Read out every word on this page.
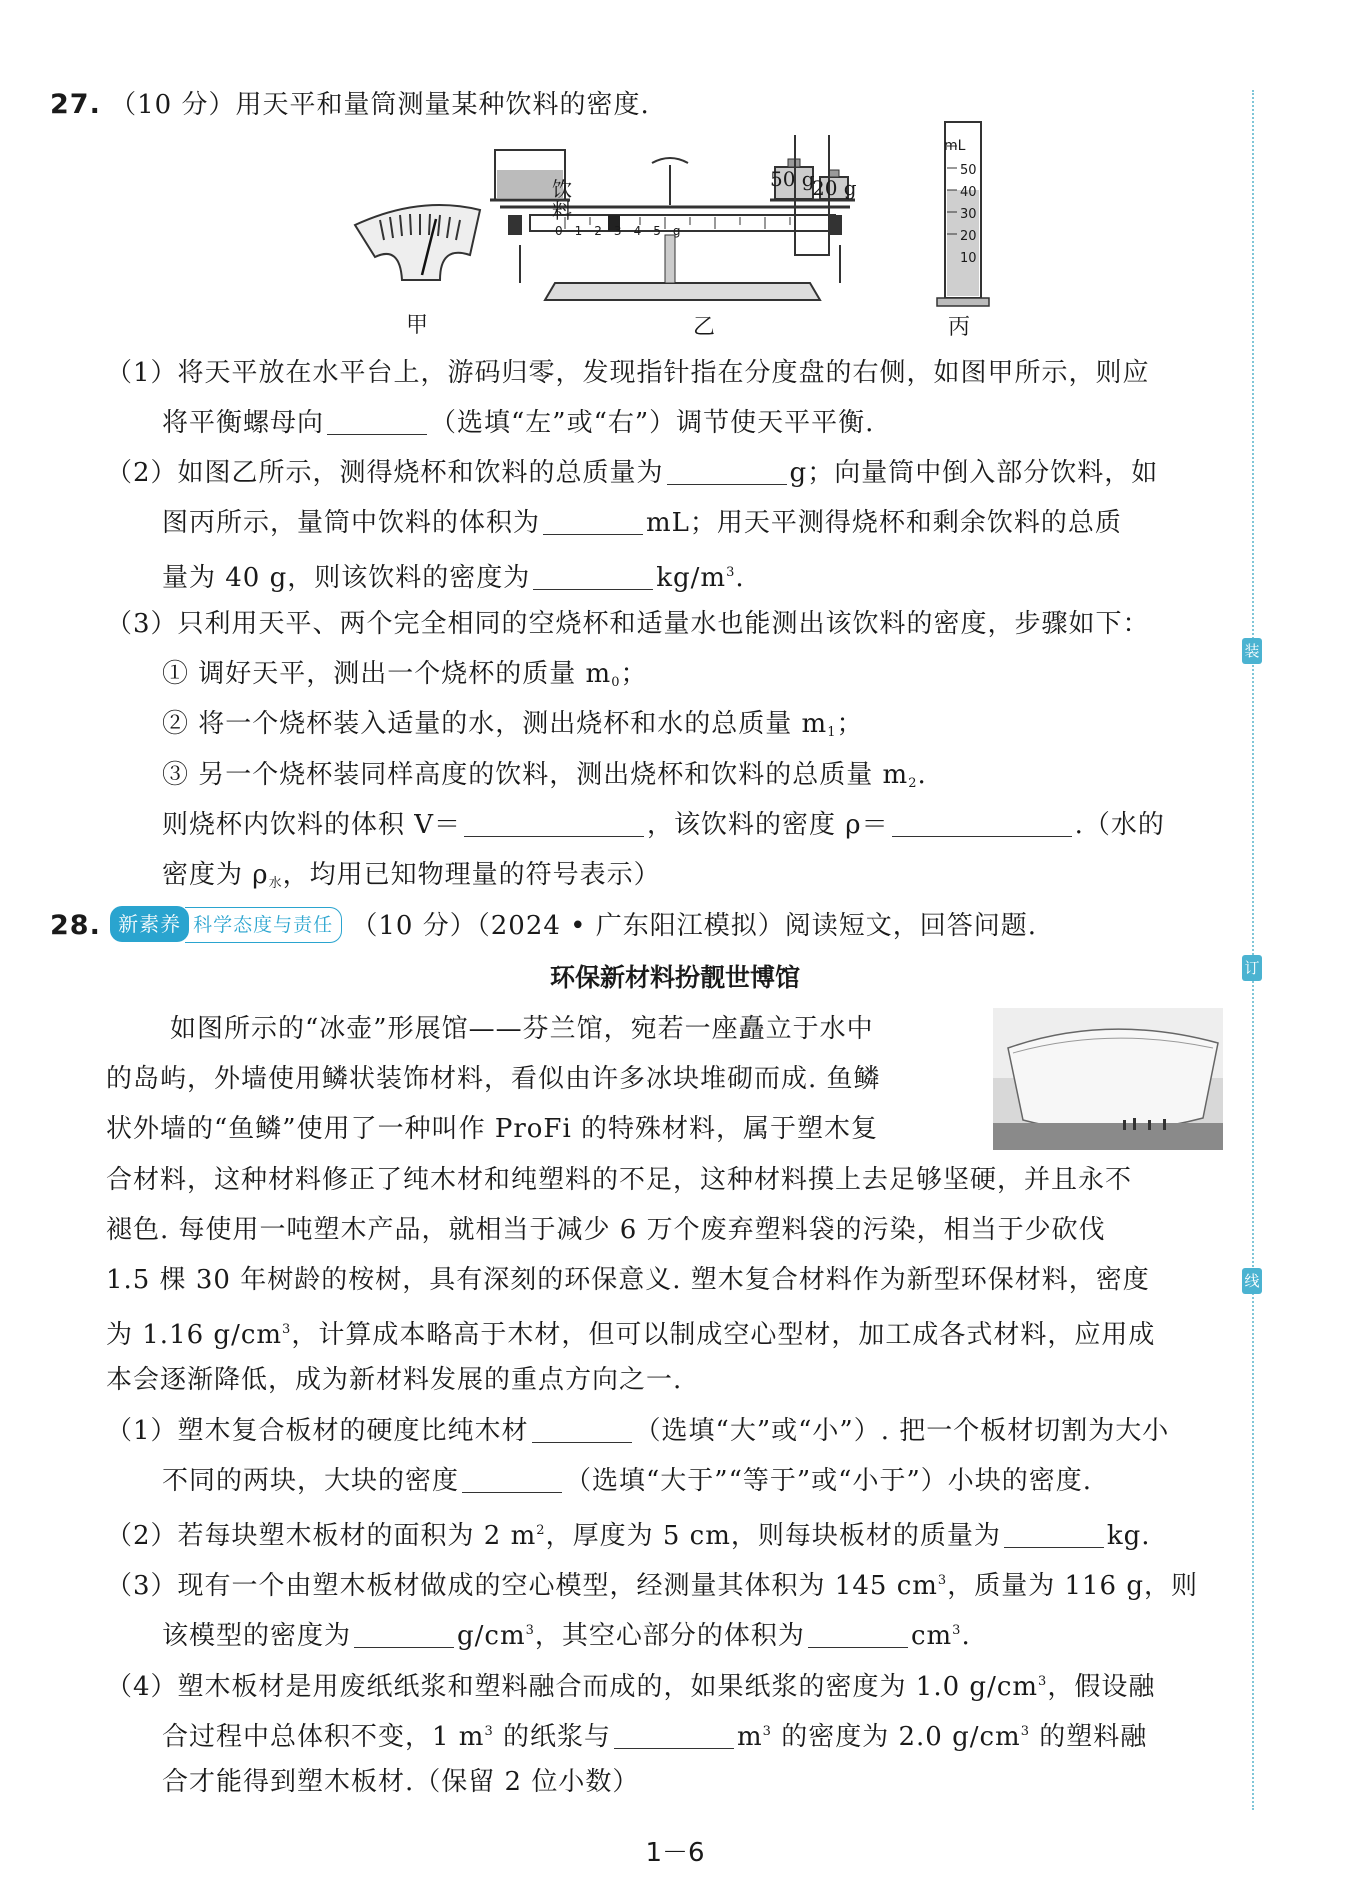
装
订
线
27. （10 分）用天平和量筒测量某种饮料的密度.
mL
50
40
30
20
10
饮料
50 g
20 g
012345g
甲	乙	丙
（1）将天平放在水平台上，游码归零，发现指针指在分度盘的右侧，如图甲所示，则应
将平衡螺母向	（选填“左”或“右”）调节使天平平衡.
（2）如图乙所示，测得烧杯和饮料的总质量为	g；向量筒中倒入部分饮料，如
图丙所示，量筒中饮料的体积为	mL；用天平测得烧杯和剩余饮料的总质
量为 40 g，则该饮料的密度为	$kg/m^3$.
（3）只利用天平、两个完全相同的空烧杯和适量水也能测出该饮料的密度，步骤如下：
① 调好天平，测出一个烧杯的质量 $m_0$；
② 将一个烧杯装入适量的水，测出烧杯和水的总质量 $m_1$；
③ 另一个烧杯装同样高度的饮料，测出烧杯和饮料的总质量 $m_2$.
则烧杯内饮料的体积 V＝	，该饮料的密度 ρ＝	.（水的
密度为 $\rho_水$，均用已知物理量的符号表示）
28. 新素养 科学态度与责任 （10 分）（2024 • 广东阳江模拟）阅读短文，回答问题.
环保新材料扮靓世博馆
如图所示的“冰壶”形展馆——芬兰馆，宛若一座矗立于水中
的岛屿，外墙使用鳞状装饰材料，看似由许多冰块堆砌而成. 鱼鳞
状外墙的“鱼鳞”使用了一种叫作 ProFi 的特殊材料，属于塑木复
合材料，这种材料修正了纯木材和纯塑料的不足，这种材料摸上去足够坚硬，并且永不
褪色. 每使用一吨塑木产品，就相当于减少 6 万个废弃塑料袋的污染，相当于少砍伐
1.5 棵 30 年树龄的桉树，具有深刻的环保意义. 塑木复合材料作为新型环保材料，密度
为 1.16 $g/cm^3$，计算成本略高于木材，但可以制成空心型材，加工成各式材料，应用成
本会逐渐降低，成为新材料发展的重点方向之一.
（1）塑木复合板材的硬度比纯木材	（选填“大”或“小”）. 把一个板材切割为大小
不同的两块，大块的密度	（选填“大于”“等于”或“小于”）小块的密度.
（2）若每块塑木板材的面积为 2 $m^2$，厚度为 5 cm，则每块板材的质量为	kg.
（3）现有一个由塑木板材做成的空心模型，经测量其体积为 145 $cm^3$，质量为 116 g，则
该模型的密度为	$g/cm^3$，其空心部分的体积为	$cm^3$.
（4）塑木板材是用废纸纸浆和塑料融合而成的，如果纸浆的密度为 1.0 $g/cm^3$，假设融
合过程中总体积不变，1 $m^3$ 的纸浆与	$m^3$ 的密度为 2.0 $g/cm^3$ 的塑料融
合才能得到塑木板材.（保留 2 位小数）
1－6
